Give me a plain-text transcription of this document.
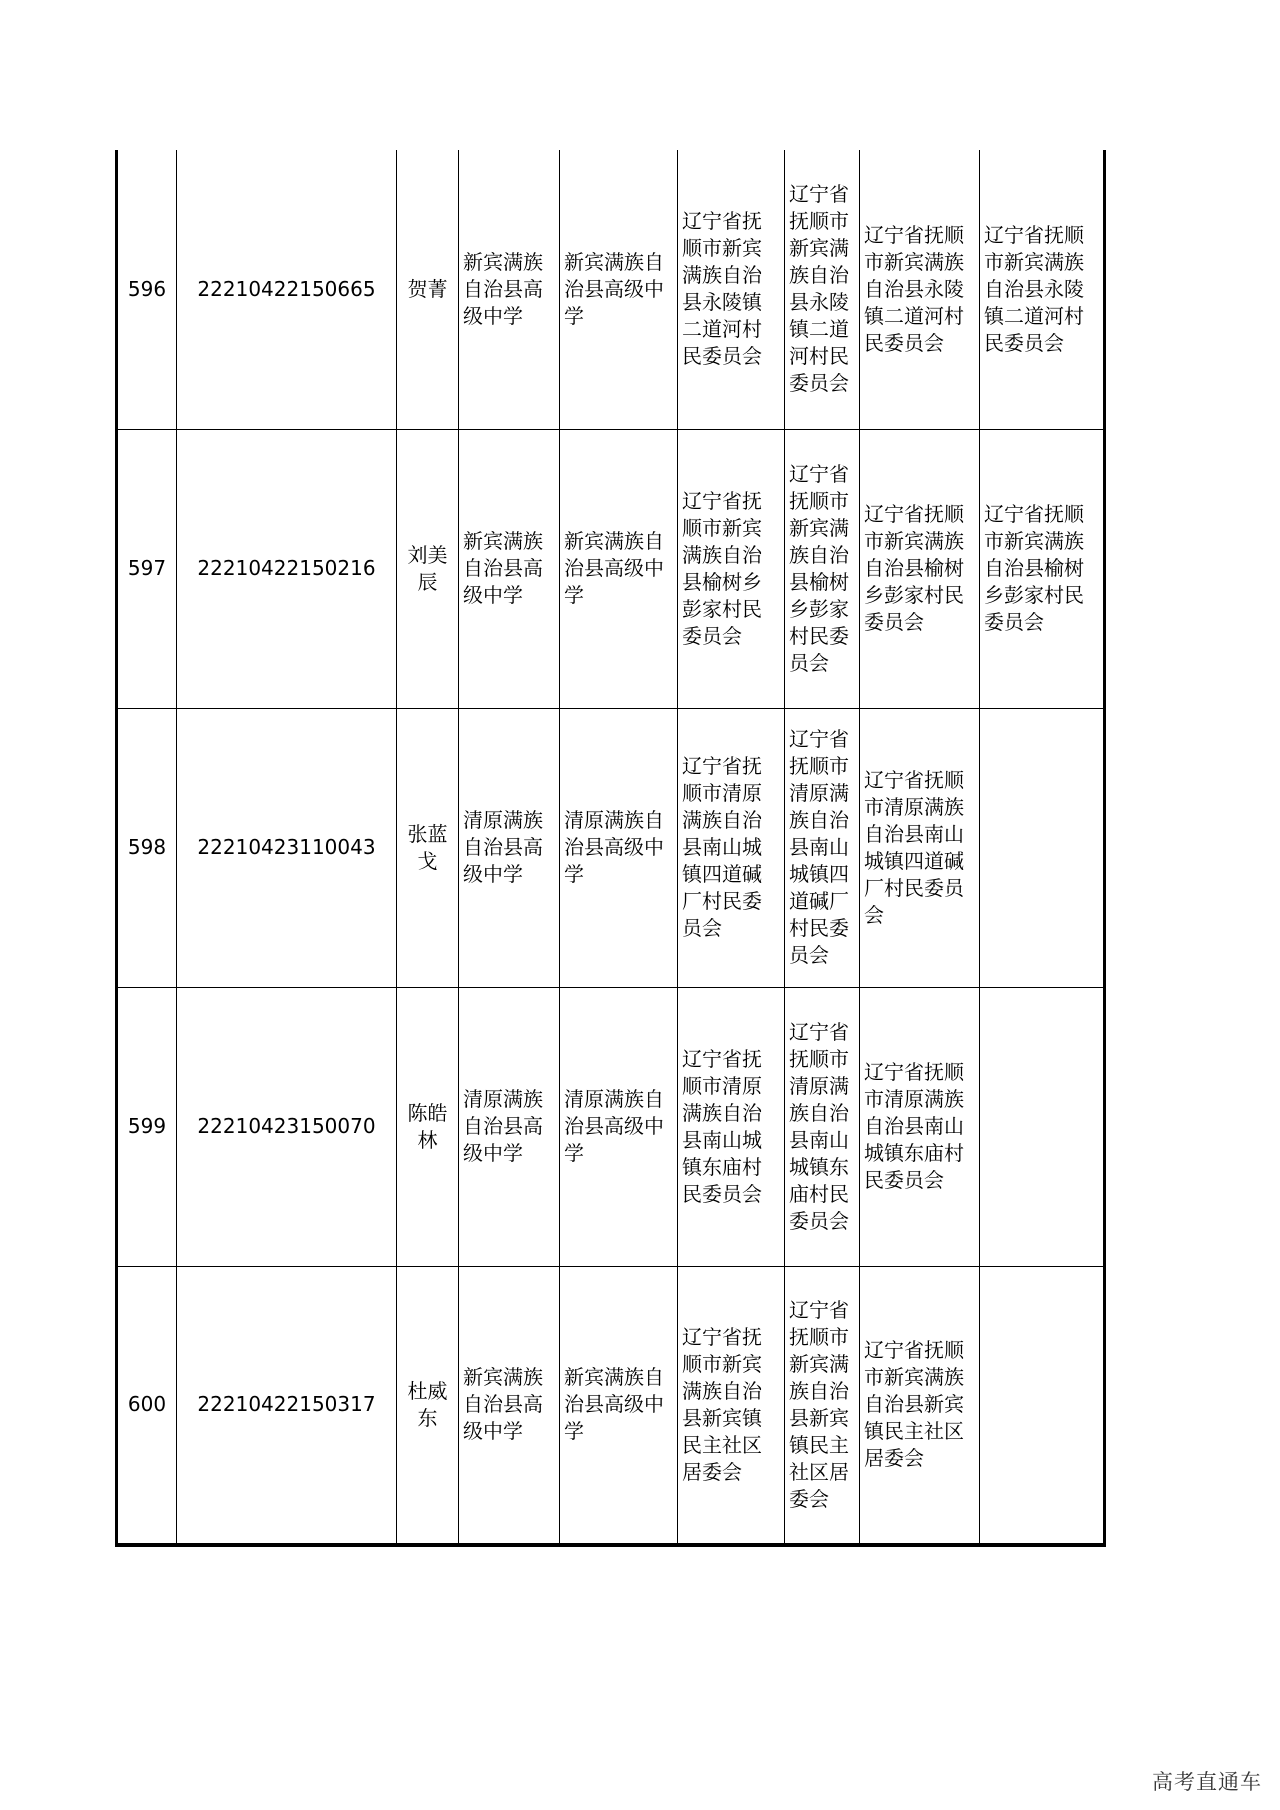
596	22210422150665	贺菁	新宾满族自治县高级中学	新宾满族自治县高级中学	辽宁省抚顺市新宾满族自治县永陵镇二道河村民委员会	辽宁省抚顺市新宾满族自治县永陵镇二道河村民委员会	辽宁省抚顺市新宾满族自治县永陵镇二道河村民委员会	辽宁省抚顺市新宾满族自治县永陵镇二道河村民委员会
597	22210422150216	刘美辰	新宾满族自治县高级中学	新宾满族自治县高级中学	辽宁省抚顺市新宾满族自治县榆树乡彭家村民委员会	辽宁省抚顺市新宾满族自治县榆树乡彭家村民委员会	辽宁省抚顺市新宾满族自治县榆树乡彭家村民委员会	辽宁省抚顺市新宾满族自治县榆树乡彭家村民委员会
598	22210423110043	张蓝戈	清原满族自治县高级中学	清原满族自治县高级中学	辽宁省抚顺市清原满族自治县南山城镇四道碱厂村民委员会	辽宁省抚顺市清原满族自治县南山城镇四道碱厂村民委员会	辽宁省抚顺市清原满族自治县南山城镇四道碱厂村民委员会	
599	22210423150070	陈皓林	清原满族自治县高级中学	清原满族自治县高级中学	辽宁省抚顺市清原满族自治县南山城镇东庙村民委员会	辽宁省抚顺市清原满族自治县南山城镇东庙村民委员会	辽宁省抚顺市清原满族自治县南山城镇东庙村民委员会	
600	22210422150317	杜威东	新宾满族自治县高级中学	新宾满族自治县高级中学	辽宁省抚顺市新宾满族自治县新宾镇民主社区居委会	辽宁省抚顺市新宾满族自治县新宾镇民主社区居委会	辽宁省抚顺市新宾满族自治县新宾镇民主社区居委会	
高考直通车
